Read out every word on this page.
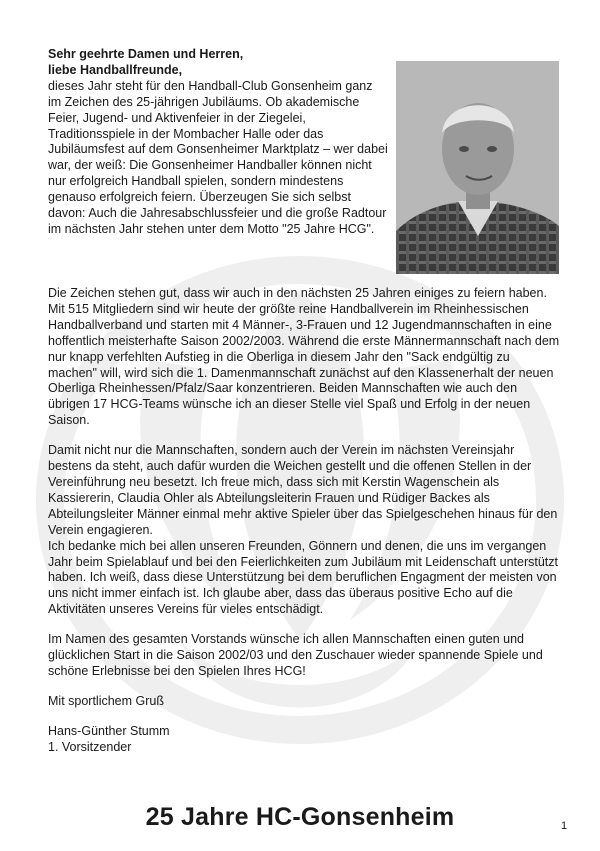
Sehr geehrte Damen und Herren,
liebe Handballfreunde,
dieses Jahr steht für den Handball-Club Gonsenheim ganz im Zeichen des 25-jährigen Jubiläums. Ob akademische Feier, Jugend- und Aktivenfeier in der Ziegelei, Traditionsspiele in der Mombacher Halle oder das Jubiläumsfest auf dem Gonsenheimer Marktplatz – wer dabei war, der weiß: Die Gonsenheimer Handballer können nicht nur erfolgreich Handball spielen, sondern mindestens genauso erfolgreich feiern. Überzeugen Sie sich selbst davon: Auch die Jahresabschlussfeier und die große Radtour im nächsten Jahr stehen unter dem Motto "25 Jahre HCG".

Die Zeichen stehen gut, dass wir auch in den nächsten 25 Jahren einiges zu feiern haben. Mit 515 Mitgliedern sind wir heute der größte reine Handballverein im Rheinhessischen Handballverband und starten mit 4 Männer-, 3-Frauen und 12 Jugendmannschaften in eine hoffentlich meisterhafte Saison 2002/2003. Während die erste Männermannschaft nach dem nur knapp verfehlten Aufstieg in die Oberliga in diesem Jahr den "Sack endgültig zu machen" will, wird sich die 1. Damenmannschaft zunächst auf den Klassenerhalt der neuen Oberliga Rheinhessen/Pfalz/Saar konzentrieren. Beiden Mannschaften wie auch den übrigen 17 HCG-Teams wünsche ich an dieser Stelle viel Spaß und Erfolg in der neuen Saison.

Damit nicht nur die Mannschaften, sondern auch der Verein im nächsten Vereinsjahr bestens da steht, auch dafür wurden die Weichen gestellt und die offenen Stellen in der Vereinführung neu besetzt. Ich freue mich, dass sich mit Kerstin Wagenschein als Kassiererin, Claudia Ohler als Abteilungsleiterin Frauen und Rüdiger Backes als Abteilungsleiter Männer einmal mehr aktive Spieler über das Spielgeschehen hinaus für den Verein engagieren.

Ich bedanke mich bei allen unseren Freunden, Gönnern und denen, die uns im vergangen Jahr beim Spielablauf und bei den Feierlichkeiten zum Jubiläum mit Leidenschaft unterstützt haben. Ich weiß, dass diese Unterstützung bei dem beruflichen Engagment der meisten von uns nicht immer einfach ist. Ich glaube aber, dass das überaus positive Echo auf die Aktivitäten unseres Vereins für vieles entschädigt.

Im Namen des gesamten Vorstands wünsche ich allen Mannschaften einen guten und glücklichen Start in die Saison 2002/03 und den Zuschauer wieder spannende Spiele und schöne Erlebnisse bei den Spielen Ihres HCG!

Mit sportlichem Gruß

Hans-Günther Stumm

1. Vorsitzender

25 Jahre HC-Gonsenheim	1
